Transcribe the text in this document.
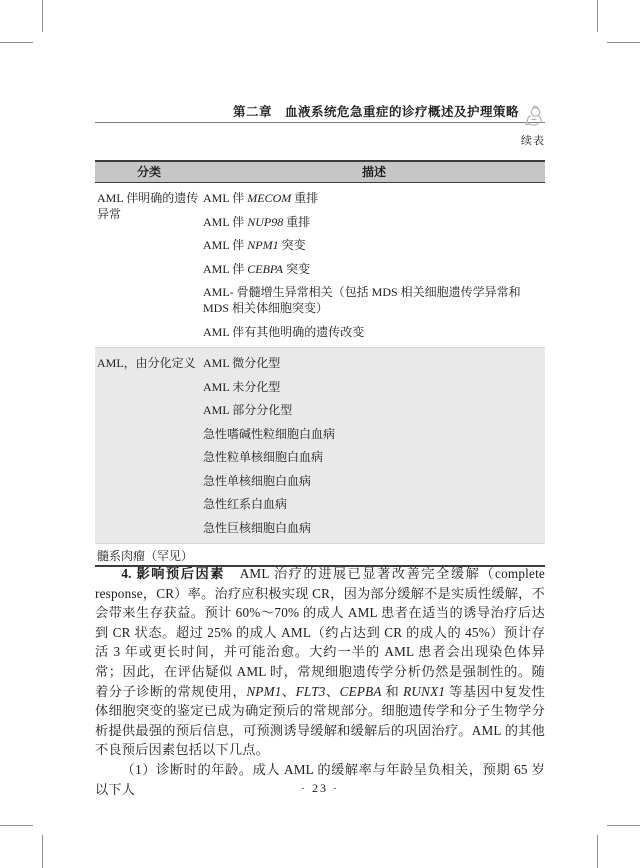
第二章　血液系统危急重症的诊疗概述及护理策略
续表
分类	描述
AML 伴明确的遗传异常
AML 伴 MECOM 重排
AML 伴 NUP98 重排
AML 伴 NPM1 突变
AML 伴 CEBPA 突变
AML- 骨髓增生异常相关（包括 MDS 相关细胞遗传学异常和 MDS 相关体细胞突变）
AML 伴有其他明确的遗传改变
AML，由分化定义 AML 微分化型
AML 未分化型
AML 部分分化型
急性嗜碱性粒细胞白血病
急性粒单核细胞白血病
急性单核细胞白血病
急性红系白血病
急性巨核细胞白血病
髓系肉瘤（罕见）

4. 影响预后因素　AML 治疗的进展已显著改善完全缓解（complete response，CR）率。治疗应积极实现 CR，因为部分缓解不是实质性缓解，不会带来生存获益。预计 60%～70% 的成人 AML 患者在适当的诱导治疗后达到 CR 状态。超过 25% 的成人 AML（约占达到 CR 的成人的 45%）预计存活 3 年或更长时间，并可能治愈。大约一半的 AML 患者会出现染色体异常；因此，在评估疑似 AML 时，常规细胞遗传学分析仍然是强制性的。随着分子诊断的常规使用，NPM1、FLT3、CEPBA 和 RUNX1 等基因中复发性体细胞突变的鉴定已成为确定预后的常规部分。细胞遗传学和分子生物学分析提供最强的预后信息，可预测诱导缓解和缓解后的巩固治疗。AML 的其他不良预后因素包括以下几点。

（1）诊断时的年龄。成人 AML 的缓解率与年龄呈负相关，预期 65 岁以下人	· 23 ·
